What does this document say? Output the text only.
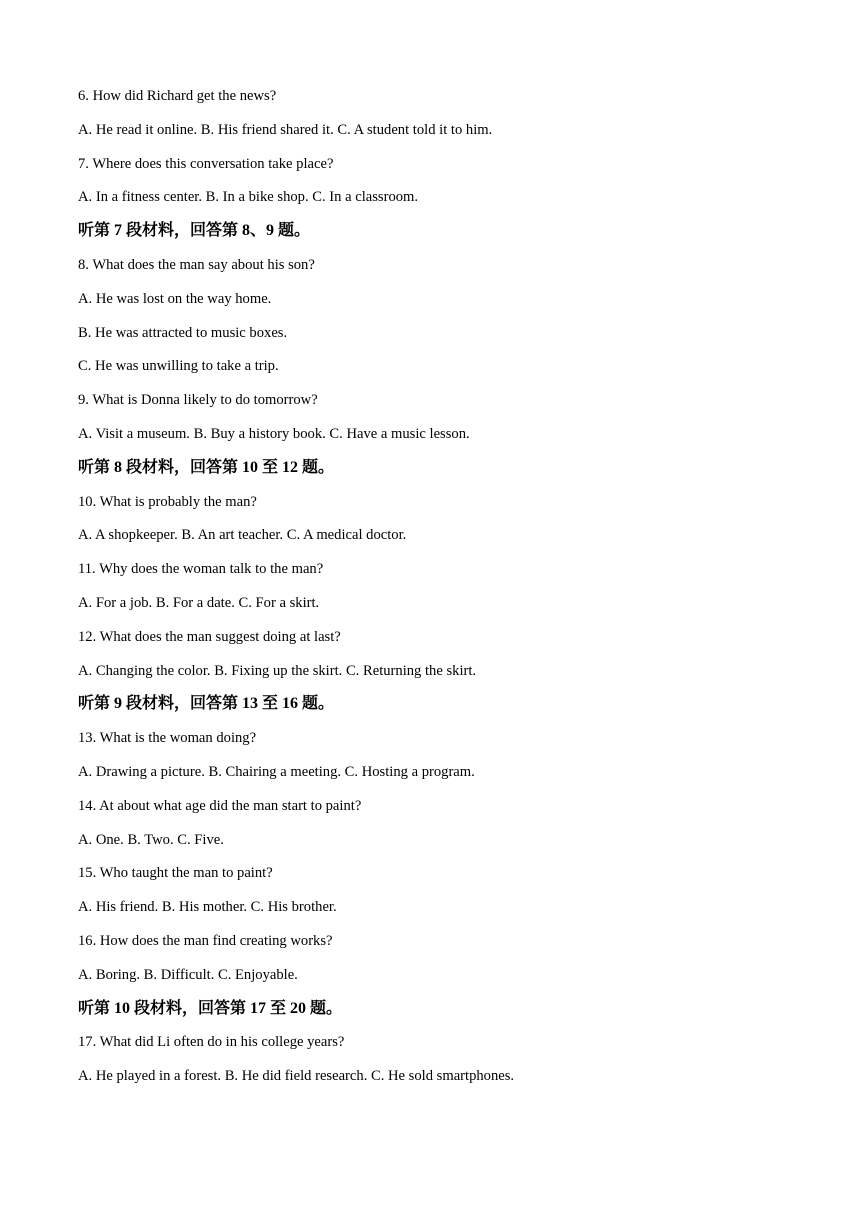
6. How did Richard get the news?
A. He read it online. B. His friend shared it. C. A student told it to him.
7. Where does this conversation take place?
A. In a fitness center. B. In a bike shop. C. In a classroom.
听第 7 段材料，回答第 8、9 题。
8. What does the man say about his son?
A. He was lost on the way home.
B. He was attracted to music boxes.
C. He was unwilling to take a trip.
9. What is Donna likely to do tomorrow?
A. Visit a museum. B. Buy a history book. C. Have a music lesson.
听第 8 段材料，回答第 10 至 12 题。
10. What is probably the man?
A. A shopkeeper. B. An art teacher. C. A medical doctor.
11. Why does the woman talk to the man?
A. For a job. B. For a date. C. For a skirt.
12. What does the man suggest doing at last?
A. Changing the color. B. Fixing up the skirt. C. Returning the skirt.
听第 9 段材料，回答第 13 至 16 题。
13. What is the woman doing?
A. Drawing a picture. B. Chairing a meeting. C. Hosting a program.
14. At about what age did the man start to paint?
A. One. B. Two. C. Five.
15. Who taught the man to paint?
A. His friend. B. His mother. C. His brother.
16. How does the man find creating works?
A. Boring. B. Difficult. C. Enjoyable.
听第 10 段材料，回答第 17 至 20 题。
17. What did Li often do in his college years?
A. He played in a forest. B. He did field research. C. He sold smartphones.
